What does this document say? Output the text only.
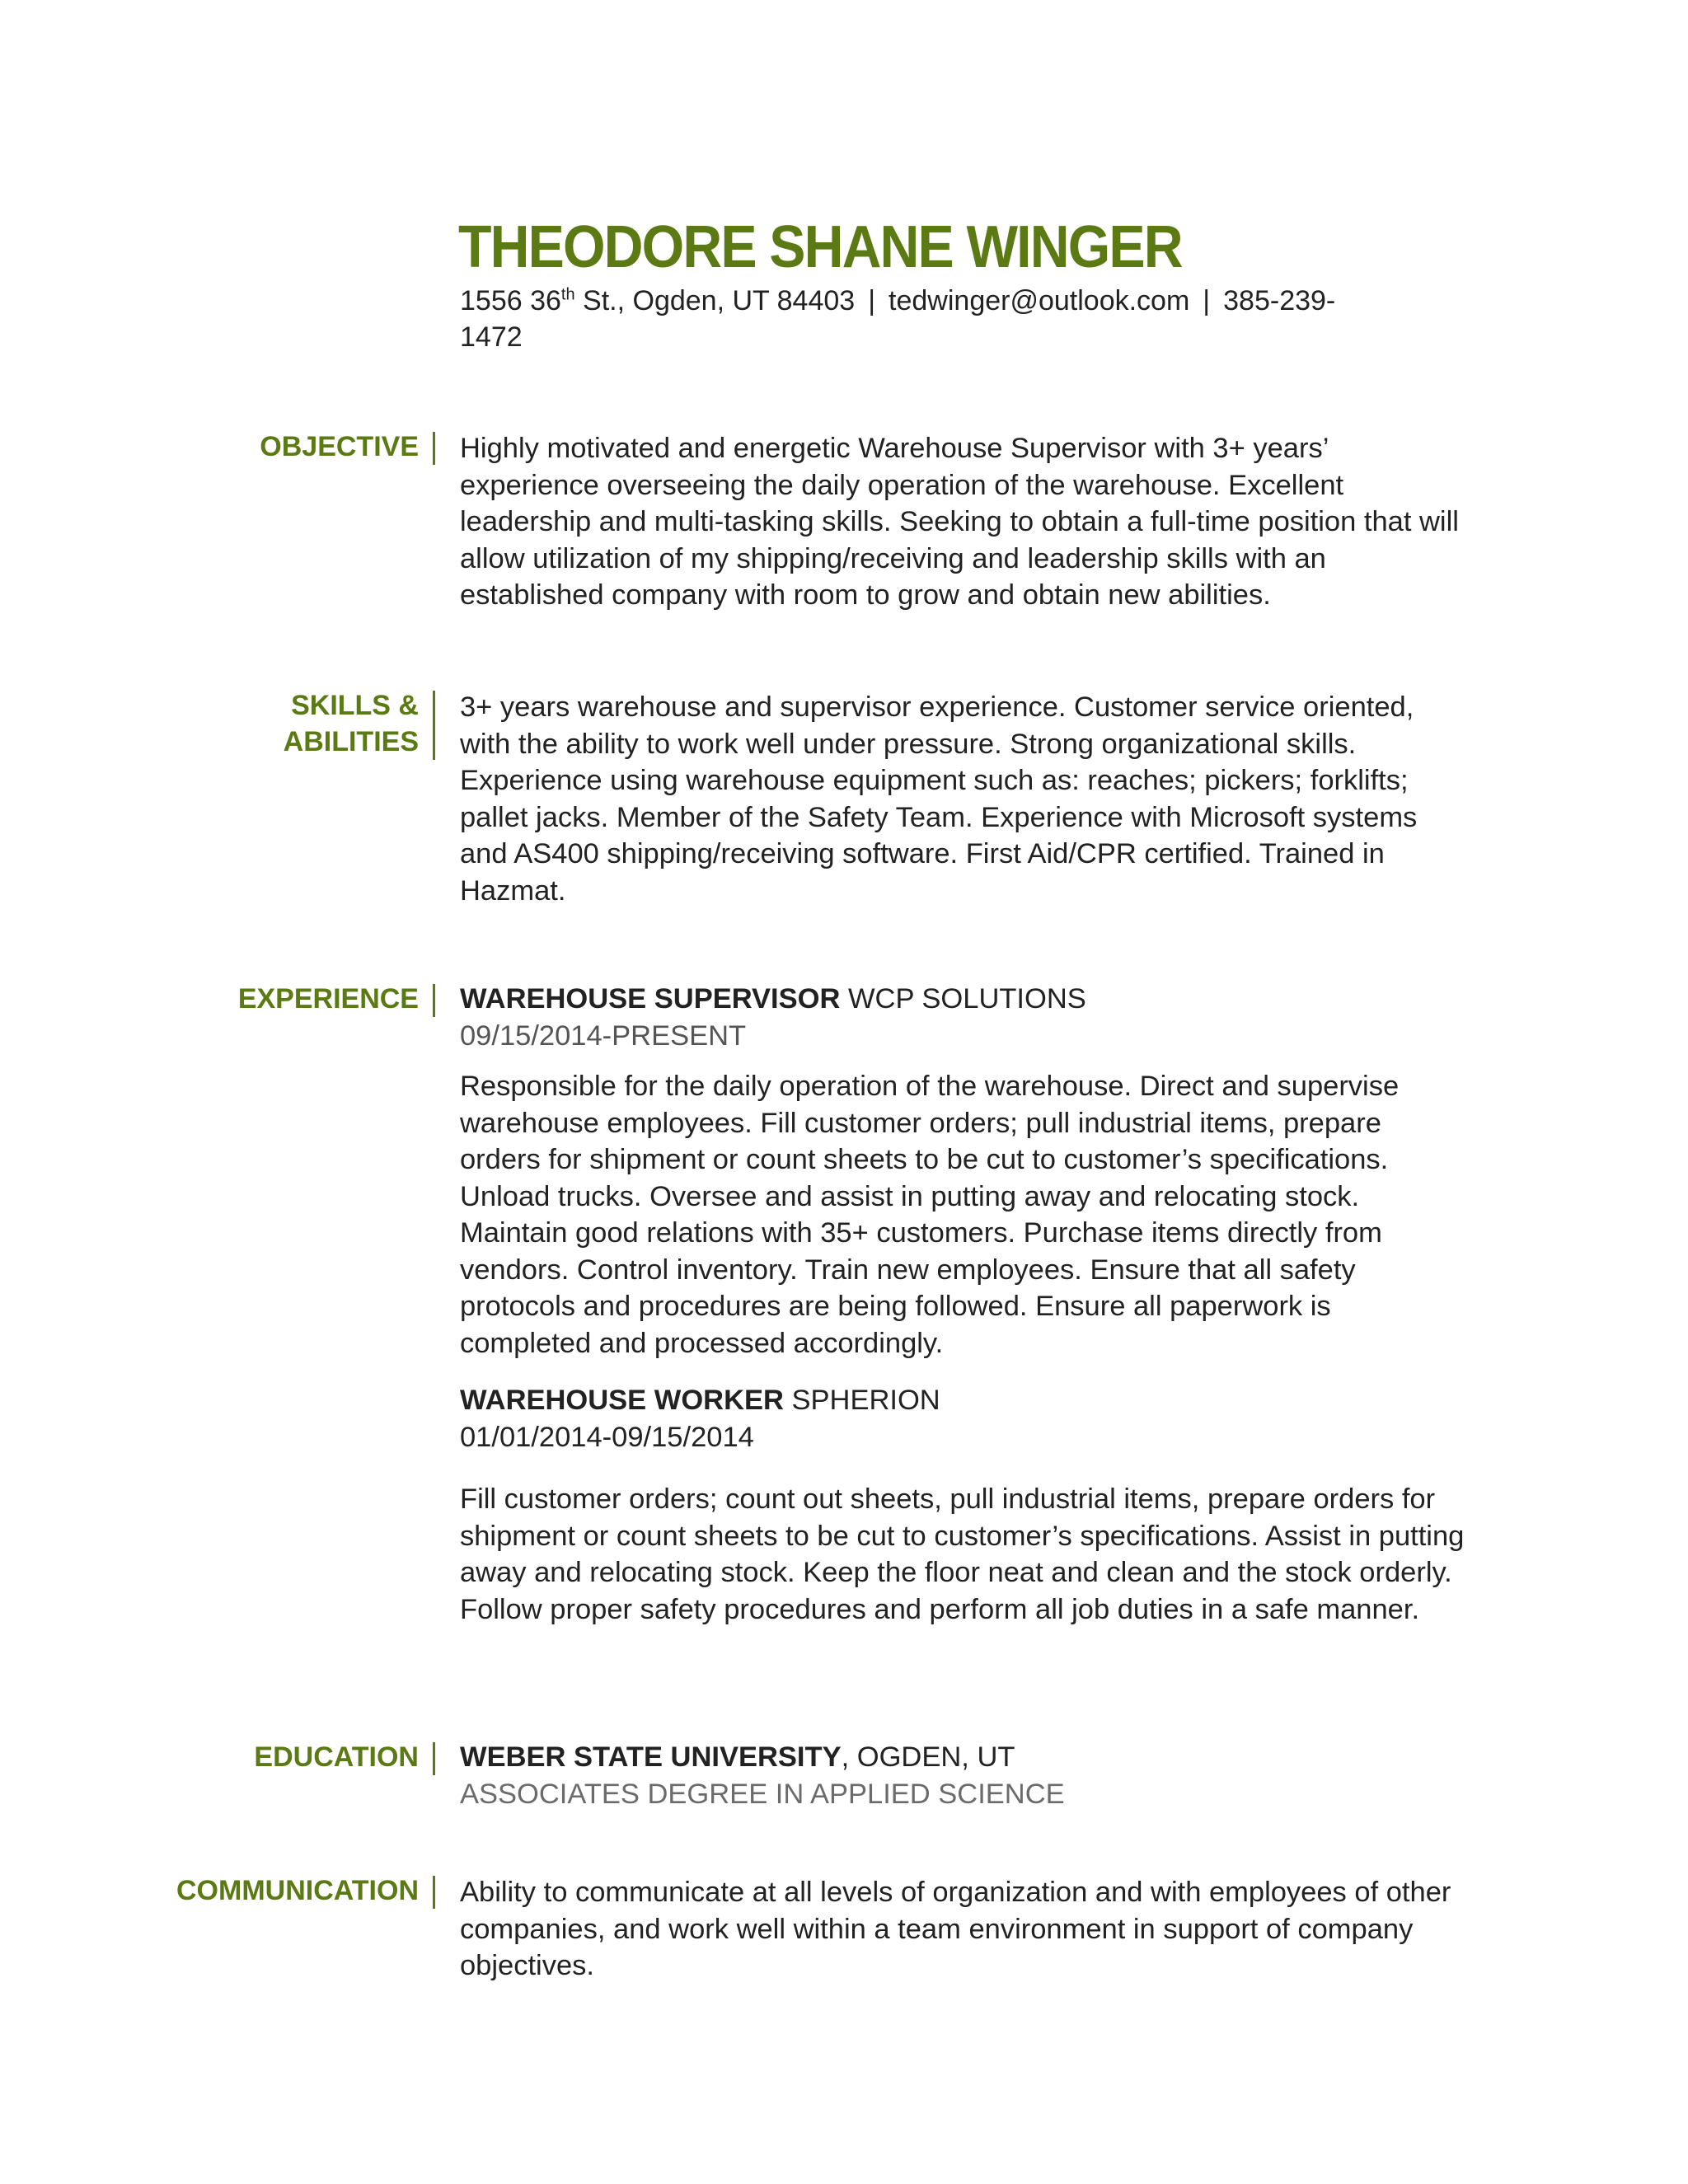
THEODORE SHANE WINGER
1556 36th St., Ogden, UT 84403 | tedwinger@outlook.com | 385-239-
1472
OBJECTIVE Highly motivated and energetic Warehouse Supervisor with 3+ years’ experience overseeing the daily operation of the warehouse. Excellent leadership and multi-tasking skills. Seeking to obtain a full-time position that will allow utilization of my shipping/receiving and leadership skills with an established company with room to grow and obtain new abilities.
SKILLS &
ABILITIES
3+ years warehouse and supervisor experience. Customer service oriented, with the ability to work well under pressure. Strong organizational skills. Experience using warehouse equipment such as: reaches; pickers; forklifts; pallet jacks. Member of the Safety Team. Experience with Microsoft systems and AS400 shipping/receiving software. First Aid/CPR certified. Trained in Hazmat.
EXPERIENCE WAREHOUSE SUPERVISOR WCP SOLUTIONS

09/15/2014-PRESENT

Responsible for the daily operation of the warehouse. Direct and supervise warehouse employees. Fill customer orders; pull industrial items, prepare orders for shipment or count sheets to be cut to customer’s specifications. Unload trucks. Oversee and assist in putting away and relocating stock. Maintain good relations with 35+ customers. Purchase items directly from vendors. Control inventory. Train new employees. Ensure that all safety protocols and procedures are being followed. Ensure all paperwork is completed and processed accordingly.

WAREHOUSE WORKER SPHERION

01/01/2014-09/15/2014

Fill customer orders; count out sheets, pull industrial items, prepare orders for shipment or count sheets to be cut to customer’s specifications. Assist in putting away and relocating stock. Keep the floor neat and clean and the stock orderly. Follow proper safety procedures and perform all job duties in a safe manner.
EDUCATION WEBER STATE UNIVERSITY, OGDEN, UT

ASSOCIATES DEGREE IN APPLIED SCIENCE

COMMUNICATION Ability to communicate at all levels of organization and with employees of other companies, and work well within a team environment in support of company objectives.
